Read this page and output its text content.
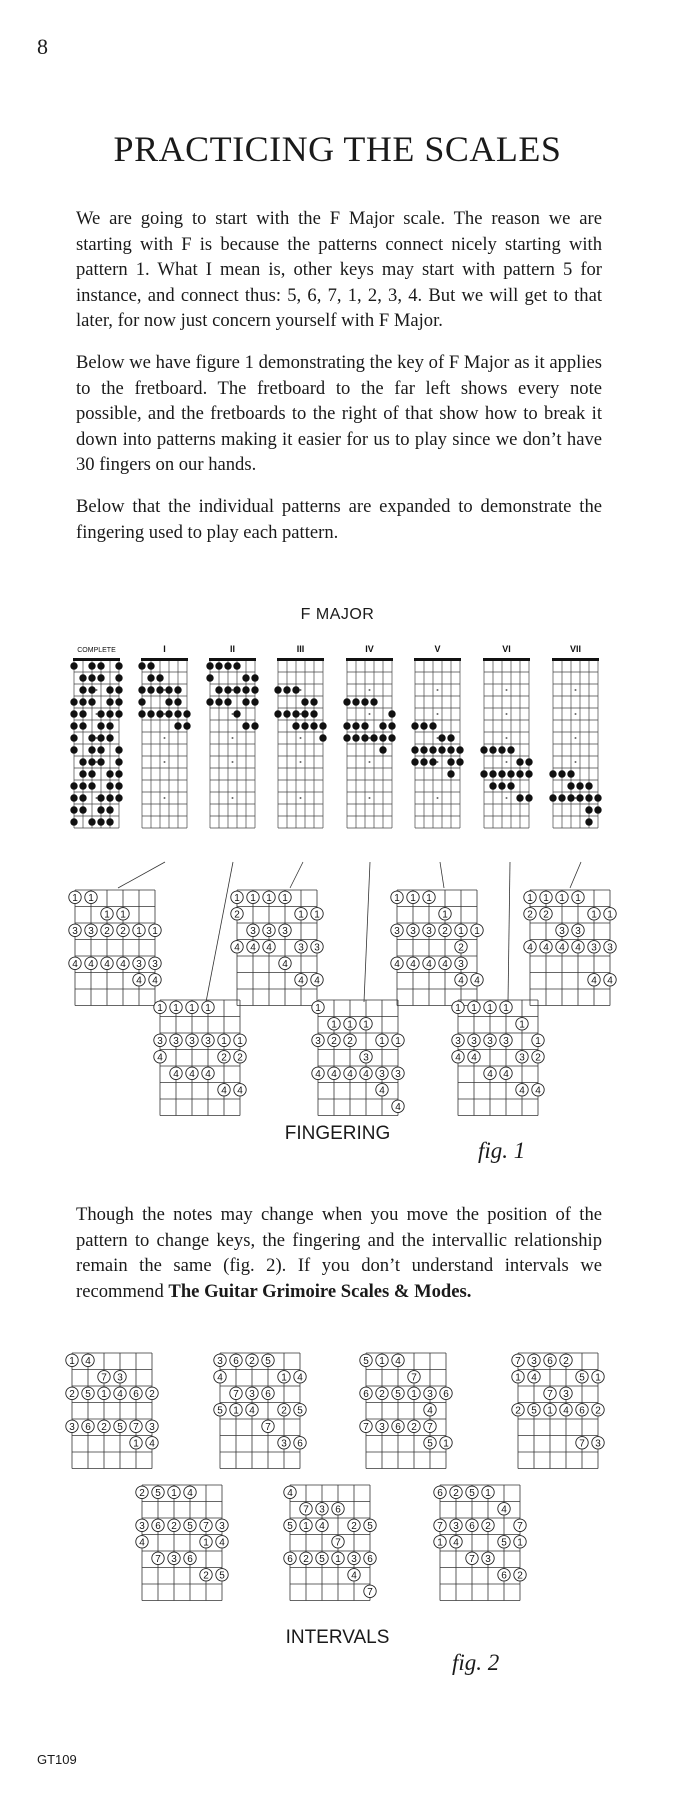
8
PRACTICING THE SCALES
We are going to start with the F Major scale. The reason we are starting with F is because the patterns connect nicely starting with pattern 1. What I mean is, other keys may start with pattern 5 for instance, and connect thus: 5, 6, 7, 1, 2, 3, 4. But we will get to that later, for now just concern yourself with F Major.
Below we have figure 1 demonstrating the key of F Major as it applies to the fretboard. The fretboard to the far left shows every note possible, and the fretboards to the right of that show how to break it down into patterns making it easier for us to play since we don’t have 30 fingers on our hands.
Below that the individual patterns are expanded to demonstrate the fingering used to play each pattern.
F MAJOR
COMPLETE	I	II	III	IV	V	VI	VII
1 1
1 1
3 3 2 2 1 1
4 4 4 4 3 3
4 4
1 1 1 1
2	1 1
3 3 3
4 4 4	3 3
4
4 4
1 1 1
1
3 3 3 2 1 1
2
4 4 4 4 3
4 4
1 1 1 1
2 2	1 1
3 3
4 4 4 4 3 3
4 4
1 1 1 1
3 3 3 3 1 1
4	2 2
4 4 4
4 4
1
1 1 1
3 2 2	1 1
3
4 4 4 4 3 3
4
4
1 1 1 1
1
3 3 3 3	1
4 4	3 2
4 4
4 4
FINGERING
fig. 1
Though the notes may change when you move the position of the pattern to change keys, the fingering and the intervallic relationship remain the same (fig. 2). If you don’t understand intervals we recommend The Guitar Grimoire Scales & Modes.
1 4
7 3
2 5 1 4 6 2
3 6 2 5 7 3
1 4
3 6 2 5
4	1 4
7 3 6
5 1 4	2 5
7
3 6
5 1 4
7
6 2 5 1 3 6
4
7 3 6 2 7
5 1
7 3 6 2
1 4	5 1
7 3
2 5 1 4 6 2
7 3
2 5 1 4
3 6 2 5 7 3
4	1 4
7 3 6
2 5
4
7 3 6
5 1 4	2 5
7
6 2 5 1 3 6
4
7
6 2 5 1
4
7 3 6 2	7
1 4	5 1
7 3
6 2
INTERVALS
fig. 2
GT109
